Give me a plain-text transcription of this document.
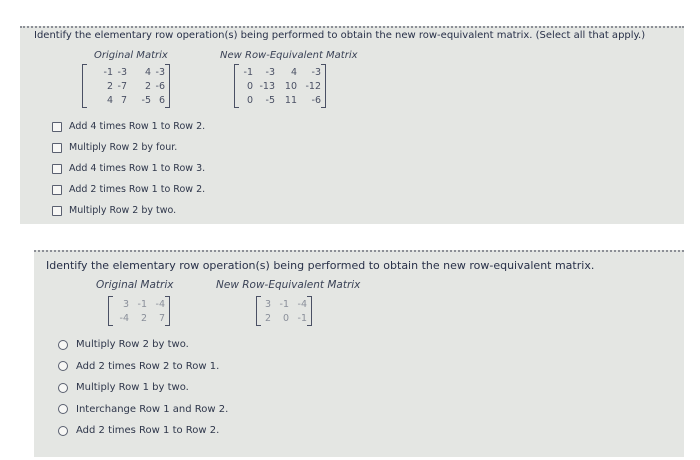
Identify the elementary row operation(s) being performed to obtain the new row-equivalent matrix. (Select all that apply.)
Original Matrix	New Row-Equivalent Matrix
-1 -3	4 -3
2 -7	2 -6
4 7	-5 6
-1	-3	4	-3
0 -13	10 -12
0	-5	11	-6
Add 4 times Row 1 to Row 2.
Multiply Row 2 by four.
Add 4 times Row 1 to Row 3.
Add 2 times Row 1 to Row 2.
Multiply Row 2 by two.
Identify the elementary row operation(s) being performed to obtain the new row-equivalent matrix.
Original Matrix	New Row-Equivalent Matrix
3 -1 -4
-4	2	7
3 -1 -4
2	0 -1
Multiply Row 2 by two.
Add 2 times Row 2 to Row 1.
Multiply Row 1 by two.
Interchange Row 1 and Row 2.
Add 2 times Row 1 to Row 2.
